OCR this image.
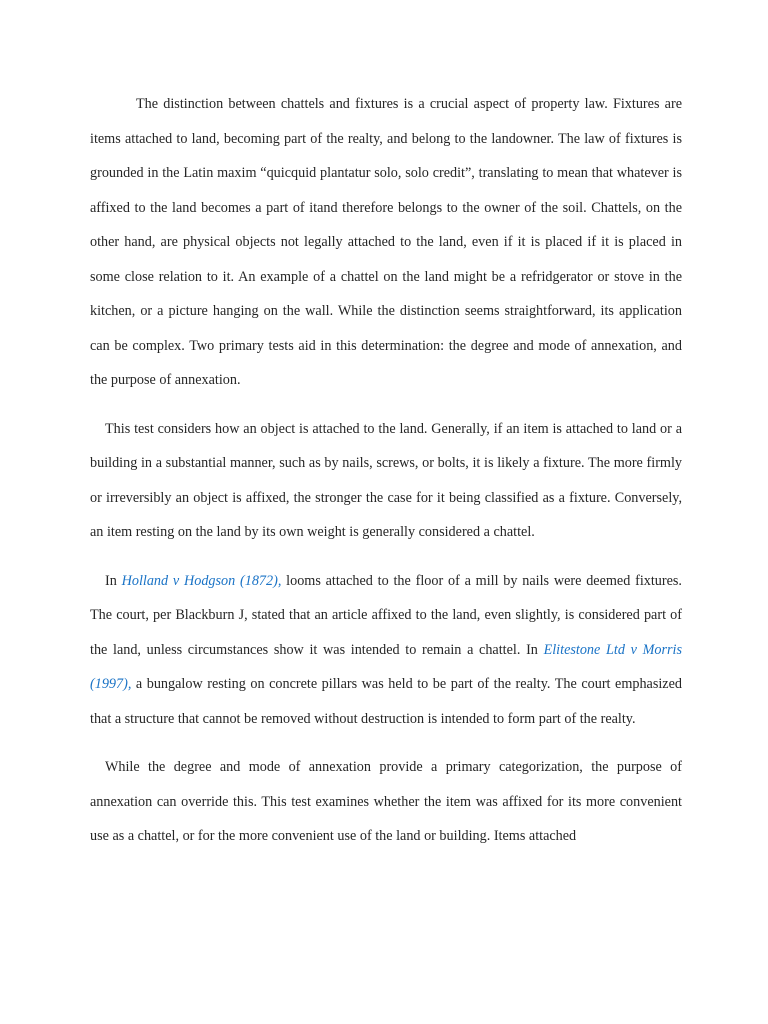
The distinction between chattels and fixtures is a crucial aspect of property law. Fixtures are items attached to land, becoming part of the realty, and belong to the landowner. The law of fixtures is grounded in the Latin maxim “quicquid plantatur solo, solo credit”, translating to mean that whatever is affixed to the land becomes a part of itand therefore belongs to the owner of the soil. Chattels, on the other hand, are physical objects not legally attached to the land, even if it is placed if it is placed in some close relation to it. An example of a chattel on the land might be a refridgerator or stove in the kitchen, or a picture hanging on the wall. While the distinction seems straightforward, its application can be complex. Two primary tests aid in this determination: the degree and mode of annexation, and the purpose of annexation.

This test considers how an object is attached to the land. Generally, if an item is attached to land or a building in a substantial manner, such as by nails, screws, or bolts, it is likely a fixture. The more firmly or irreversibly an object is affixed, the stronger the case for it being classified as a fixture. Conversely, an item resting on the land by its own weight is generally considered a chattel.

In Holland v Hodgson (1872), looms attached to the floor of a mill by nails were deemed fixtures. The court, per Blackburn J, stated that an article affixed to the land, even slightly, is considered part of the land, unless circumstances show it was intended to remain a chattel. In Elitestone Ltd v Morris (1997), a bungalow resting on concrete pillars was held to be part of the realty. The court emphasized that a structure that cannot be removed without destruction is intended to form part of the realty.

While the degree and mode of annexation provide a primary categorization, the purpose of annexation can override this. This test examines whether the item was affixed for its more convenient use as a chattel, or for the more convenient use of the land or building. Items attached
